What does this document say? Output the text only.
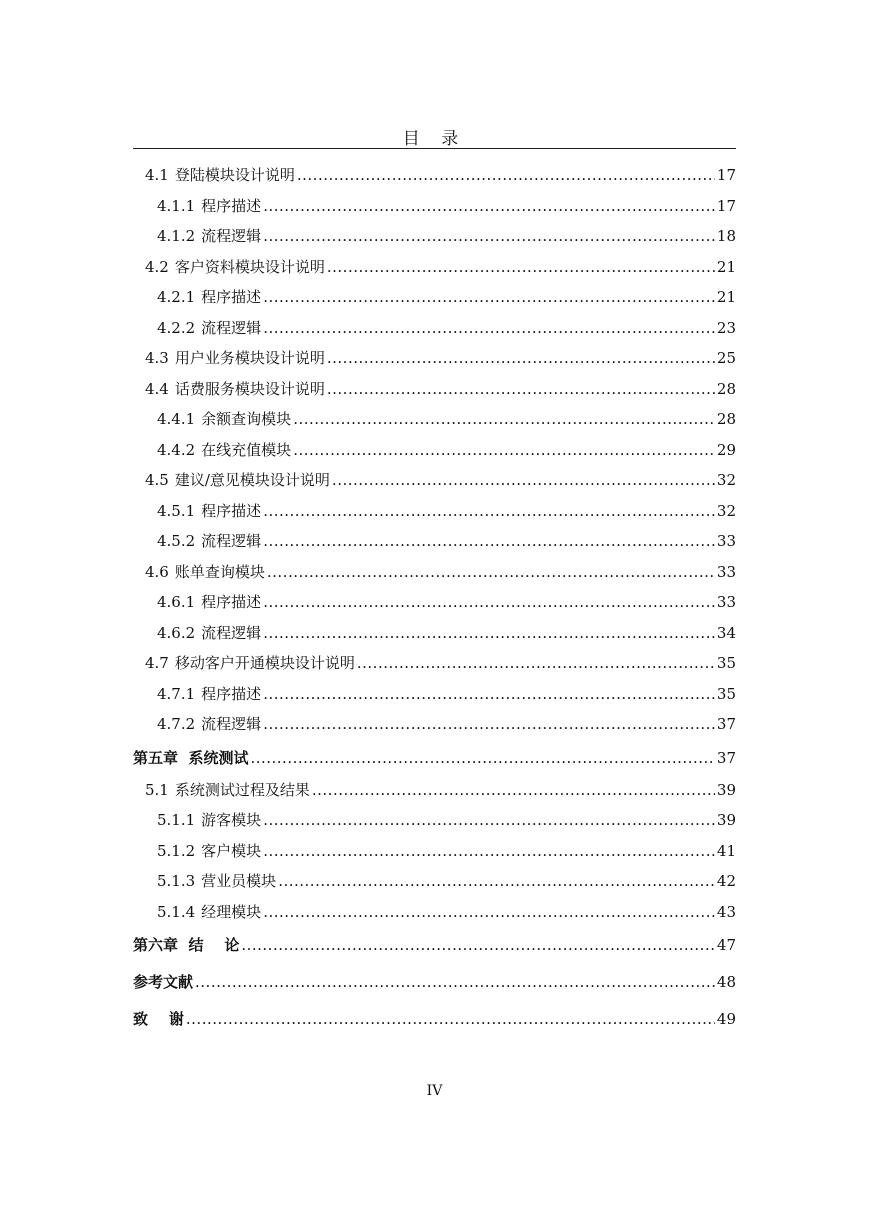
目 录
4.1 登陆模块设计说明 .....	17
4.1.1 程序描述 .....	17
4.1.2 流程逻辑 .....	18
4.2 客户资料模块设计说明 .....	21
4.2.1 程序描述 .....	21
4.2.2 流程逻辑 .....	23
4.3 用户业务模块设计说明 .....	25
4.4 话费服务模块设计说明 .....	28
4.4.1 余额查询模块 .....	28
4.4.2 在线充值模块 .....	29
4.5 建议/意见模块设计说明 .....	32
4.5.1 程序描述 .....	32
4.5.2 流程逻辑 .....	33
4.6 账单查询模块 .....	33
4.6.1 程序描述 .....	33
4.6.2 流程逻辑 .....	34
4.7 移动客户开通模块设计说明 .....	35
4.7.1 程序描述 .....	35
4.7.2 流程逻辑 .....	37
第五章  系统测试 .....	37
5.1 系统测试过程及结果 .....	39
5.1.1 游客模块 .....	39
5.1.2 客户模块 .....	41
5.1.3 营业员模块 .....	42
5.1.4 经理模块 .....	43
第六章  结    论 .....	47
参考文献 .....	48
致    谢 .....	49
IV
